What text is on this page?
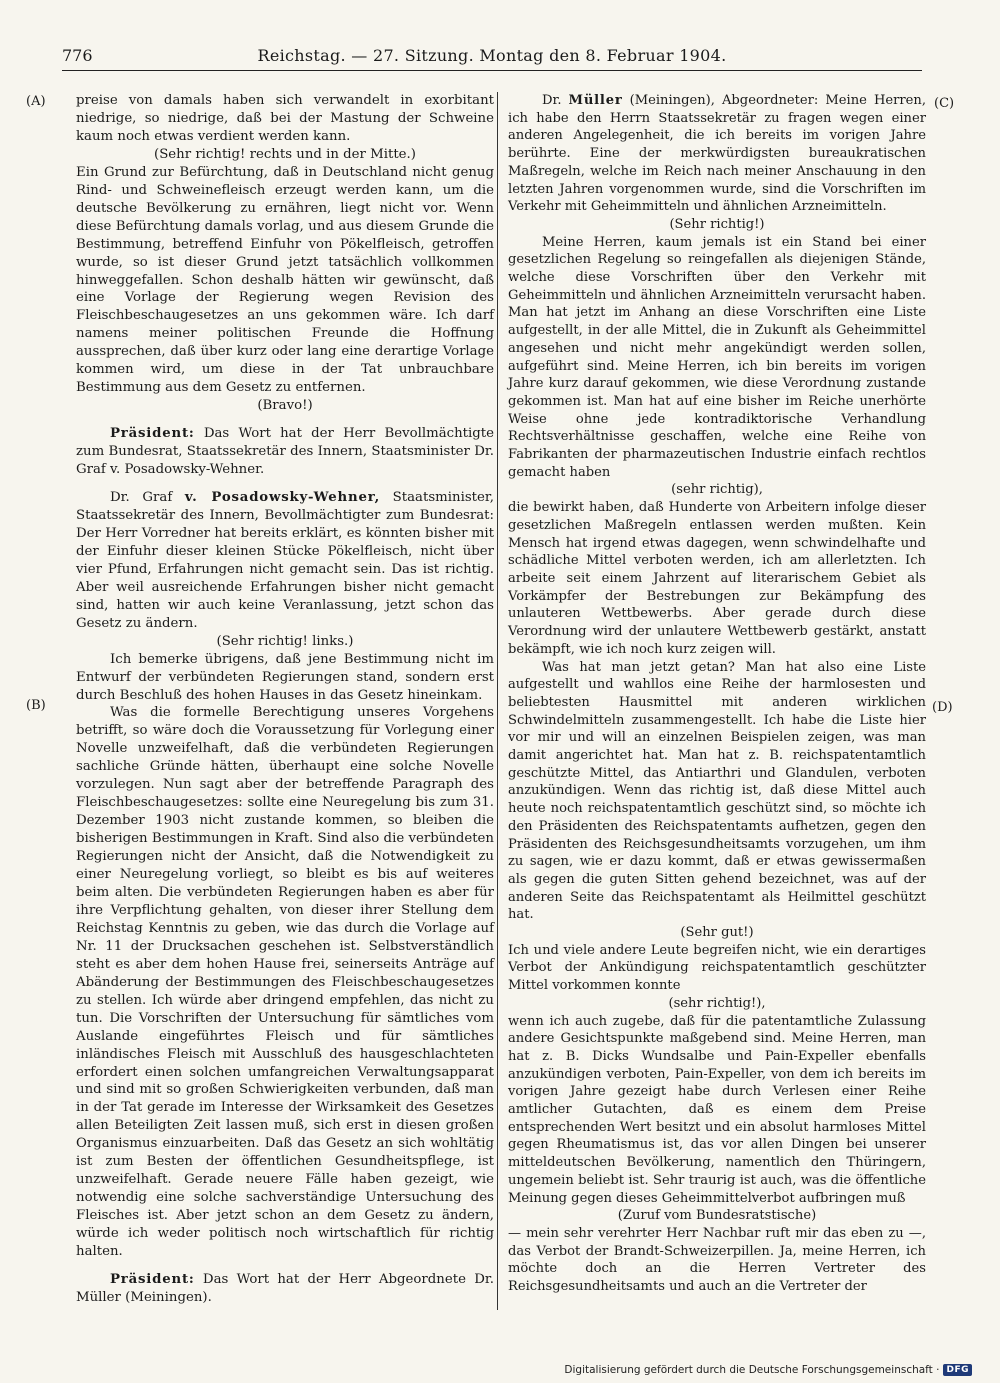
776	Reichstag. — 27. Sitzung. Montag den 8. Februar 1904.
(A)
(B)
(C)
(D)

preise von damals haben sich verwandelt in exorbitant niedrige, so niedrige, daß bei der Mastung der Schweine kaum noch etwas verdient werden kann.

(Sehr richtig! rechts und in der Mitte.)

Ein Grund zur Befürchtung, daß in Deutschland nicht genug Rind- und Schweinefleisch erzeugt werden kann, um die deutsche Bevölkerung zu ernähren, liegt nicht vor. Wenn diese Befürchtung damals vorlag, und aus diesem Grunde die Bestimmung, betreffend Einfuhr von Pökelfleisch, getroffen wurde, so ist dieser Grund jetzt tatsächlich vollkommen hinweggefallen. Schon deshalb hätten wir gewünscht, daß eine Vorlage der Regierung wegen Revision des Fleischbeschaugesetzes an uns gekommen wäre. Ich darf namens meiner politischen Freunde die Hoffnung aussprechen, daß über kurz oder lang eine derartige Vorlage kommen wird, um diese in der Tat unbrauchbare Bestimmung aus dem Gesetz zu entfernen.

(Bravo!)

Präsident: Das Wort hat der Herr Bevollmächtigte zum Bundesrat, Staatssekretär des Innern, Staatsminister Dr. Graf v. Posadowsky-Wehner.

Dr. Graf v. Posadowsky-Wehner, Staatsminister, Staatssekretär des Innern, Bevollmächtigter zum Bundesrat: Der Herr Vorredner hat bereits erklärt, es könnten bisher mit der Einfuhr dieser kleinen Stücke Pökelfleisch, nicht über vier Pfund, Erfahrungen nicht gemacht sein. Das ist richtig. Aber weil ausreichende Erfahrungen bisher nicht gemacht sind, hatten wir auch keine Veranlassung, jetzt schon das Gesetz zu ändern.

(Sehr richtig! links.)

Ich bemerke übrigens, daß jene Bestimmung nicht im Entwurf der verbündeten Regierungen stand, sondern erst durch Beschluß des hohen Hauses in das Gesetz hineinkam.

Was die formelle Berechtigung unseres Vorgehens betrifft, so wäre doch die Voraussetzung für Vorlegung einer Novelle unzweifelhaft, daß die verbündeten Regierungen sachliche Gründe hätten, überhaupt eine solche Novelle vorzulegen. Nun sagt aber der betreffende Paragraph des Fleischbeschaugesetzes: sollte eine Neuregelung bis zum 31. Dezember 1903 nicht zustande kommen, so bleiben die bisherigen Bestimmungen in Kraft. Sind also die verbündeten Regierungen nicht der Ansicht, daß die Notwendigkeit zu einer Neuregelung vorliegt, so bleibt es bis auf weiteres beim alten. Die verbündeten Regierungen haben es aber für ihre Verpflichtung gehalten, von dieser ihrer Stellung dem Reichstag Kenntnis zu geben, wie das durch die Vorlage auf Nr. 11 der Drucksachen geschehen ist. Selbstverständlich steht es aber dem hohen Hause frei, seinerseits Anträge auf Abänderung der Bestimmungen des Fleischbeschaugesetzes zu stellen. Ich würde aber dringend empfehlen, das nicht zu tun. Die Vorschriften der Untersuchung für sämtliches vom Auslande eingeführtes Fleisch und für sämtliches inländisches Fleisch mit Ausschluß des hausgeschlachteten erfordert einen solchen umfangreichen Verwaltungsapparat und sind mit so großen Schwierigkeiten verbunden, daß man in der Tat gerade im Interesse der Wirksamkeit des Gesetzes allen Beteiligten Zeit lassen muß, sich erst in diesen großen Organismus einzuarbeiten. Daß das Gesetz an sich wohltätig ist zum Besten der öffentlichen Gesundheitspflege, ist unzweifelhaft. Gerade neuere Fälle haben gezeigt, wie notwendig eine solche sachverständige Untersuchung des Fleisches ist. Aber jetzt schon an dem Gesetz zu ändern, würde ich weder politisch noch wirtschaftlich für richtig halten.

Präsident: Das Wort hat der Herr Abgeordnete Dr. Müller (Meiningen).

Dr. Müller (Meiningen), Abgeordneter: Meine Herren, ich habe den Herrn Staatssekretär zu fragen wegen einer anderen Angelegenheit, die ich bereits im vorigen Jahre berührte. Eine der merkwürdigsten bureaukratischen Maßregeln, welche im Reich nach meiner Anschauung in den letzten Jahren vorgenommen wurde, sind die Vorschriften im Verkehr mit Geheimmitteln und ähnlichen Arzneimitteln.

(Sehr richtig!)

Meine Herren, kaum jemals ist ein Stand bei einer gesetzlichen Regelung so reingefallen als diejenigen Stände, welche diese Vorschriften über den Verkehr mit Geheimmitteln und ähnlichen Arzneimitteln verursacht haben. Man hat jetzt im Anhang an diese Vorschriften eine Liste aufgestellt, in der alle Mittel, die in Zukunft als Geheimmittel angesehen und nicht mehr angekündigt werden sollen, aufgeführt sind. Meine Herren, ich bin bereits im vorigen Jahre kurz darauf gekommen, wie diese Verordnung zustande gekommen ist. Man hat auf eine bisher im Reiche unerhörte Weise ohne jede kontradiktorische Verhandlung Rechtsverhältnisse geschaffen, welche eine Reihe von Fabrikanten der pharmazeutischen Industrie einfach rechtlos gemacht haben

(sehr richtig),

die bewirkt haben, daß Hunderte von Arbeitern infolge dieser gesetzlichen Maßregeln entlassen werden mußten. Kein Mensch hat irgend etwas dagegen, wenn schwindelhafte und schädliche Mittel verboten werden, ich am allerletzten. Ich arbeite seit einem Jahrzent auf literarischem Gebiet als Vorkämpfer der Bestrebungen zur Bekämpfung des unlauteren Wettbewerbs. Aber gerade durch diese Verordnung wird der unlautere Wettbewerb gestärkt, anstatt bekämpft, wie ich noch kurz zeigen will.

Was hat man jetzt getan? Man hat also eine Liste aufgestellt und wahllos eine Reihe der harmlosesten und beliebtesten Hausmittel mit anderen wirklichen Schwindelmitteln zusammengestellt. Ich habe die Liste hier vor mir und will an einzelnen Beispielen zeigen, was man damit angerichtet hat. Man hat z. B. reichspatentamtlich geschützte Mittel, das Antiarthri und Glandulen, verboten anzukündigen. Wenn das richtig ist, daß diese Mittel auch heute noch reichspatentamtlich geschützt sind, so möchte ich den Präsidenten des Reichspatentamts aufhetzen, gegen den Präsidenten des Reichsgesundheitsamts vorzugehen, um ihm zu sagen, wie er dazu kommt, daß er etwas gewissermaßen als gegen die guten Sitten gehend bezeichnet, was auf der anderen Seite das Reichspatentamt als Heilmittel geschützt hat.

(Sehr gut!)

Ich und viele andere Leute begreifen nicht, wie ein derartiges Verbot der Ankündigung reichspatentamtlich geschützter Mittel vorkommen konnte

(sehr richtig!),

wenn ich auch zugebe, daß für die patentamtliche Zulassung andere Gesichtspunkte maßgebend sind. Meine Herren, man hat z. B. Dicks Wundsalbe und Pain-Expeller ebenfalls anzukündigen verboten, Pain-Expeller, von dem ich bereits im vorigen Jahre gezeigt habe durch Verlesen einer Reihe amtlicher Gutachten, daß es einem dem Preise entsprechenden Wert besitzt und ein absolut harmloses Mittel gegen Rheumatismus ist, das vor allen Dingen bei unserer mitteldeutschen Bevölkerung, namentlich den Thüringern, ungemein beliebt ist. Sehr traurig ist auch, was die öffentliche Meinung gegen dieses Geheimmittelverbot aufbringen muß

(Zuruf vom Bundesratstische)

— mein sehr verehrter Herr Nachbar ruft mir das eben zu —, das Verbot der Brandt-Schweizerpillen. Ja, meine Herren, ich möchte doch an die Herren Vertreter des Reichsgesundheitsamts und auch an die Vertreter der

Digitalisierung gefördert durch die Deutsche Forschungsgemeinschaft · DFG
